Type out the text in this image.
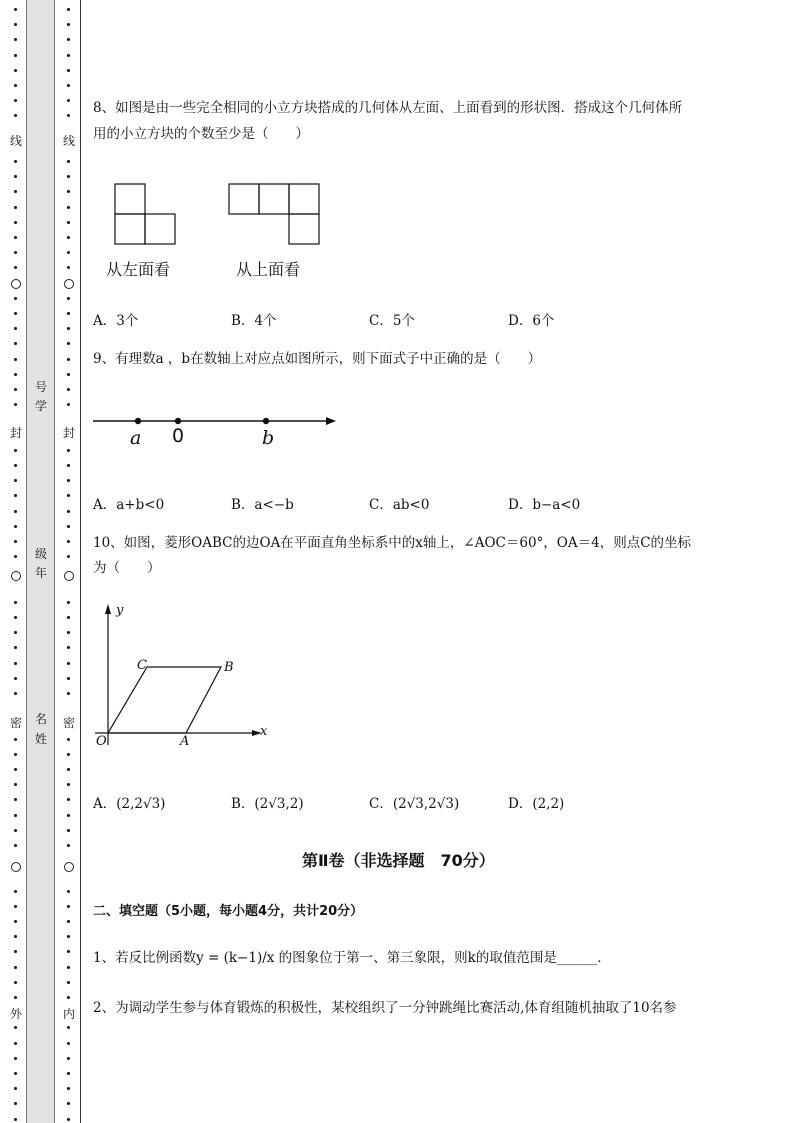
线
封
密
外
线
封
密
内
号
学
级
年
名
姓
8、如图是由一些完全相同的小立方块搭成的几何体从左面、上面看到的形状图．搭成这个几何体所
用的小立方块的个数至少是（　　）
从左面看	从上面看
A．3个	B．4个	C．5个	D．6个
9、有理数a ，b在数轴上对应点如图所示，则下面式子中正确的是（　　）
a 0	b
A．a+b<0	B．a<−b	C．ab<0	D．b−a<0
10、如图，菱形OABC的边OA在平面直角坐标系中的x轴上，∠AOC＝60°，OA＝4，则点C的坐标
为（　　）
y
x
O	A
B
C
A．(2,2√3)	B．(2√3,2)	C．(2√3,2√3)	D．(2,2)
第Ⅱ卷（非选择题　70分）
二、填空题（5小题，每小题4分，共计20分）
1、若反比例函数y = (k−1)/x 的图象位于第一、第三象限，则k的取值范围是______．
2、为调动学生参与体育锻炼的积极性，某校组织了一分钟跳绳比赛活动,体育组随机抽取了10名参
